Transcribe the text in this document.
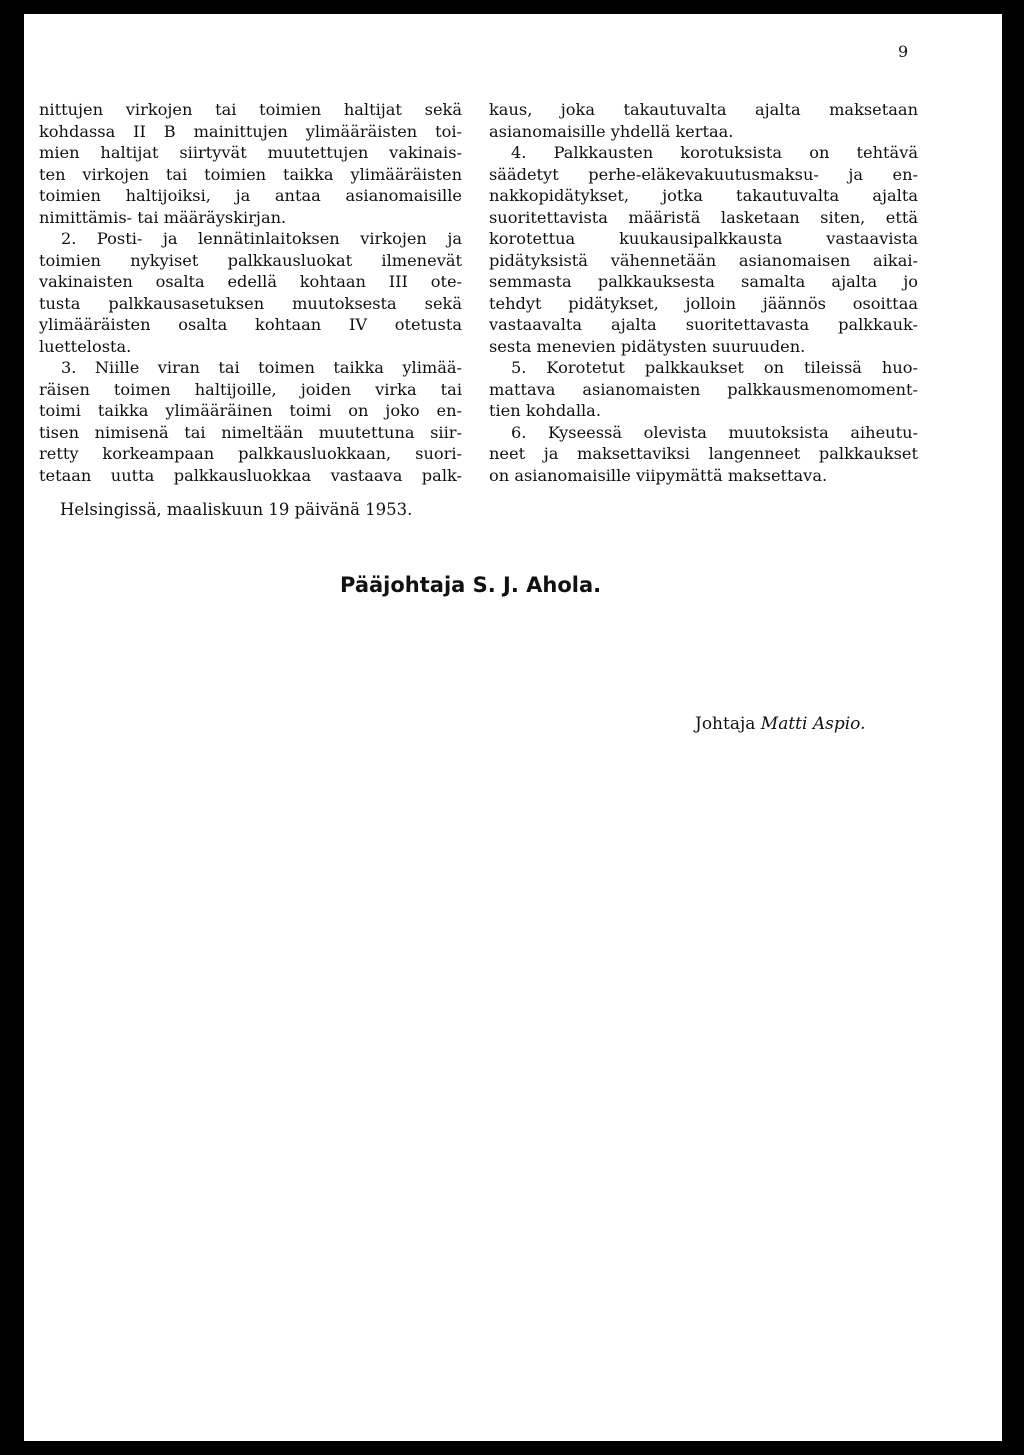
9
nittujen virkojen tai toimien haltijat sekä
kohdassa II B mainittujen ylimääräisten toi-
mien haltijat siirtyvät muutettujen vakinais-
ten virkojen tai toimien taikka ylimääräisten
toimien haltijoiksi, ja antaa asianomaisille
nimittämis- tai määräyskirjan.
2. Posti- ja lennätinlaitoksen virkojen ja
toimien nykyiset palkkausluokat ilmenevät
vakinaisten osalta edellä kohtaan III ote-
tusta palkkausasetuksen muutoksesta sekä
ylimääräisten osalta kohtaan IV otetusta
luettelosta.
3. Niille viran tai toimen taikka ylimää-
räisen toimen haltijoille, joiden virka tai
toimi taikka ylimääräinen toimi on joko en-
tisen nimisenä tai nimeltään muutettuna siir-
retty korkeampaan palkkausluokkaan, suori-
tetaan uutta palkkausluokkaa vastaava palk-
kaus, joka takautuvalta ajalta maksetaan
asianomaisille yhdellä kertaa.
4. Palkkausten korotuksista on tehtävä
säädetyt perhe-eläkevakuutusmaksu- ja en-
nakkopidätykset, jotka takautuvalta ajalta
suoritettavista määristä lasketaan siten, että
korotettua kuukausipalkkausta vastaavista
pidätyksistä vähennetään asianomaisen aikai-
semmasta palkkauksesta samalta ajalta jo
tehdyt pidätykset, jolloin jäännös osoittaa
vastaavalta ajalta suoritettavasta palkkauk-
sesta menevien pidätysten suuruuden.
5. Korotetut palkkaukset on tileissä huo-
mattava asianomaisten palkkausmenomoment-
tien kohdalla.
6. Kyseessä olevista muutoksista aiheutu-
neet ja maksettaviksi langenneet palkkaukset
on asianomaisille viipymättä maksettava.
Helsingissä, maaliskuun 19 päivänä 1953.
Pääjohtaja S. J. Ahola.
Johtaja Matti Aspio.
